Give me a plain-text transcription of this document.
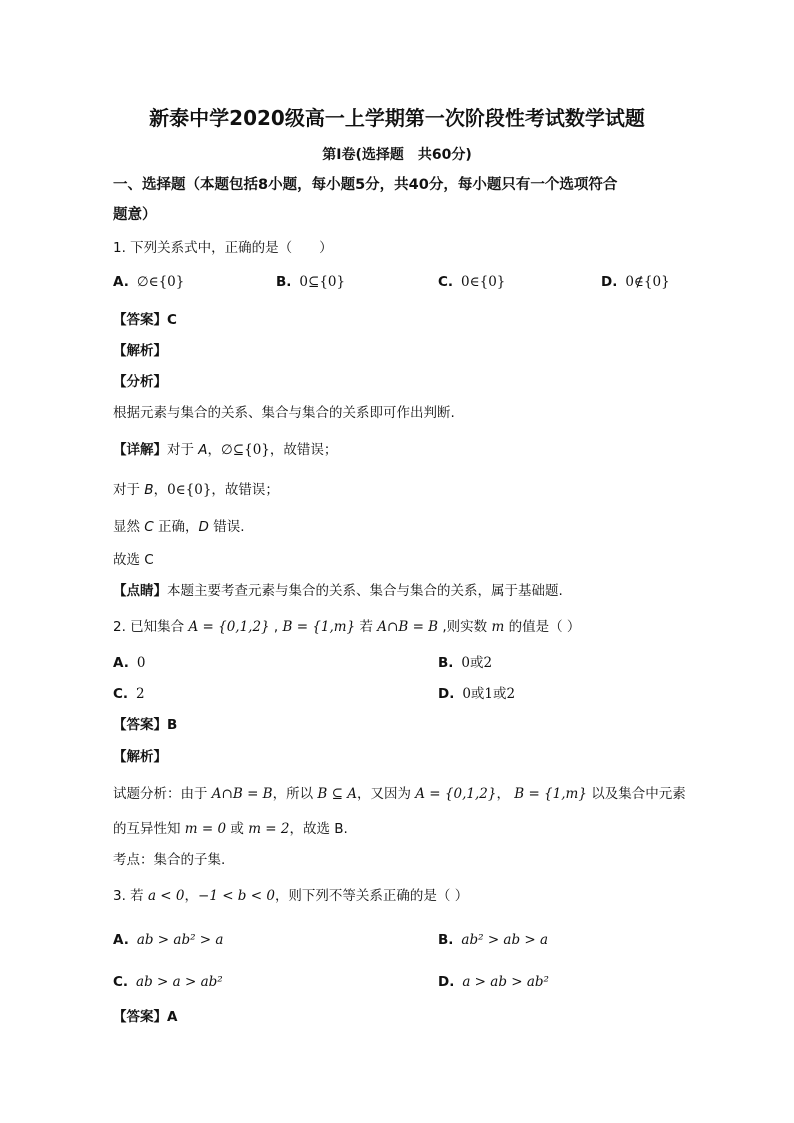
新泰中学2020级高一上学期第一次阶段性考试数学试题
第I卷(选择题　共60分)
一、选择题（本题包括8小题，每小题5分，共40分，每小题只有一个选项符合
题意）
1. 下列关系式中，正确的是（　　）
A. ∅∈{0}	B. 0⊆{0}	C. 0∈{0}	D. 0∉{0}
【答案】C
【解析】
【分析】
根据元素与集合的关系、集合与集合的关系即可作出判断.
【详解】对于 A，∅⊆{0}，故错误；
对于 B，0∈{0}，故错误；
显然 C 正确，D 错误.
故选 C
【点睛】本题主要考查元素与集合的关系、集合与集合的关系，属于基础题.
2. 已知集合 A = {0,1,2} , B = {1,m} 若 A∩B = B ,则实数 m 的值是（ ）
A. 0	B. 0或2
C. 2	D. 0或1或2
【答案】B
【解析】
试题分析：由于 A∩B = B，所以 B ⊆ A，又因为 A = {0,1,2}， B = {1,m} 以及集合中元素
的互异性知 m = 0 或 m = 2，故选 B.
考点：集合的子集.
3. 若 a < 0，−1 < b < 0，则下列不等关系正确的是（ ）
A. ab > ab² > a	B. ab² > ab > a
C. ab > a > ab²	D. a > ab > ab²
【答案】A
